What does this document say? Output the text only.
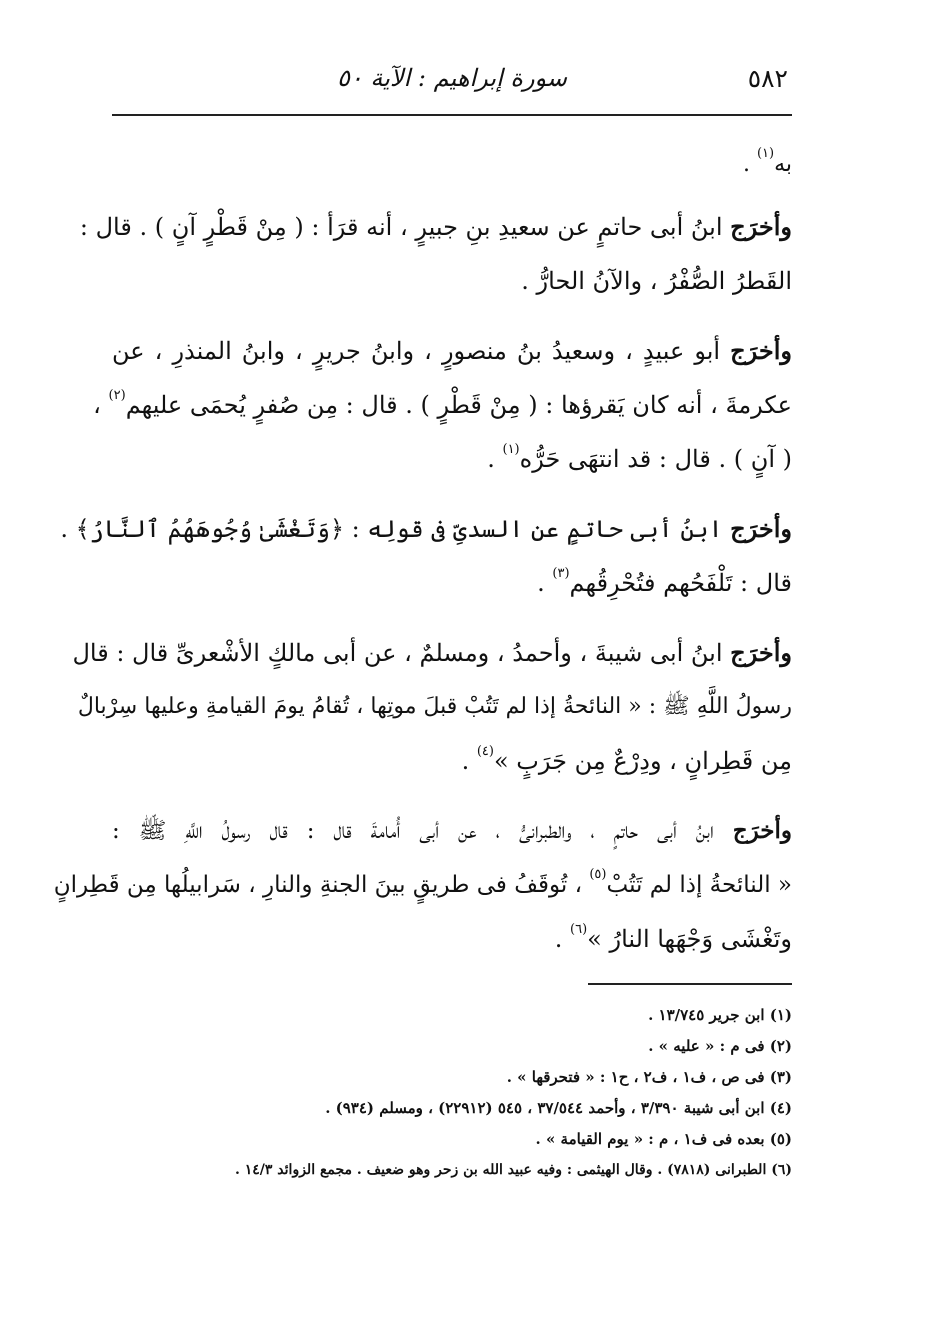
٥٨٢
سورة إبراهيم : الآية ٥٠
به$^{(١)}$ .
وأخرَج ابنُ أبى حاتمٍ عن سعيدِ بنِ جبيرٍ ، أنه قرَأ : ( مِنْ قَطْرٍ آنٍ ) . قال :
القَطرُ الصُّفْرُ ، والآنُ الحارُّ .
وأخرَج أبو عبيدٍ ، وسعيدُ بنُ منصورٍ ، وابنُ جريرٍ ، وابنُ المنذرِ ، عن
عكرمةَ ، أنه كان يَقرؤها : ( مِنْ قَطْرٍ ) . قال : مِن صُفرٍ يُحمَى عليهم$^{(٢)}$ ،
( آنٍ ) . قال : قد انتهَى حَرُّه$^{(١)}$ .
وأخرَج ابنُ أبى حاتمٍ عن السدىِّ فى قولِه : ﴿وَتَغْشَىٰ وُجُوهَهُمُ ٱلنَّارُ﴾ .
قال : تَلْفَحُهم فتُحْرِقُهم$^{(٣)}$ .
وأخرَج ابنُ أبى شيبةَ ، وأحمدُ ، ومسلمٌ ، عن أبى مالكٍ الأشْعرىِّ قال : قال
رسولُ اللَّهِ ﷺ : « النائحةُ إذا لم تَتُبْ قبلَ موتِها ، تُقامُ يومَ القيامةِ وعليها سِرْبالٌ
مِن قَطِرانٍ ، ودِرْعٌ مِن جَرَبٍ »$^{(٤)}$ .
وأخرَج ابنُ أبى حاتمٍ ، والطبرانىُّ ، عن أبى أُمامةَ قال : قال رسولُ اللَّهِ ﷺ :
« النائحةُ إذا لم تَتُبْ$^{(٥)}$ ، تُوقَفُ فى طريقٍ بينَ الجنةِ والنارِ ، سَرابيلُها مِن قَطِرانٍ
وتَغْشَى وَجْهَها النارُ »$^{(٦)}$ .
(١) ابن جرير ١٣/٧٤٥ .
(٢) فى م : « عليه » .
(٣) فى ص ، ف١ ، ف٢ ، ح١ : « فتحرقها » .
(٤) ابن أبى شيبة ٣/٣٩٠ ، وأحمد ٣٧/٥٤٤ ، ٥٤٥ (٢٢٩١٢) ، ومسلم (٩٣٤) .
(٥) بعده فى ف١ ، م : « يوم القيامة » .
(٦) الطبرانى (٧٨١٨) . وقال الهيثمى : وفيه عبيد الله بن زحر وهو ضعيف . مجمع الزوائد ١٤/٣ .
